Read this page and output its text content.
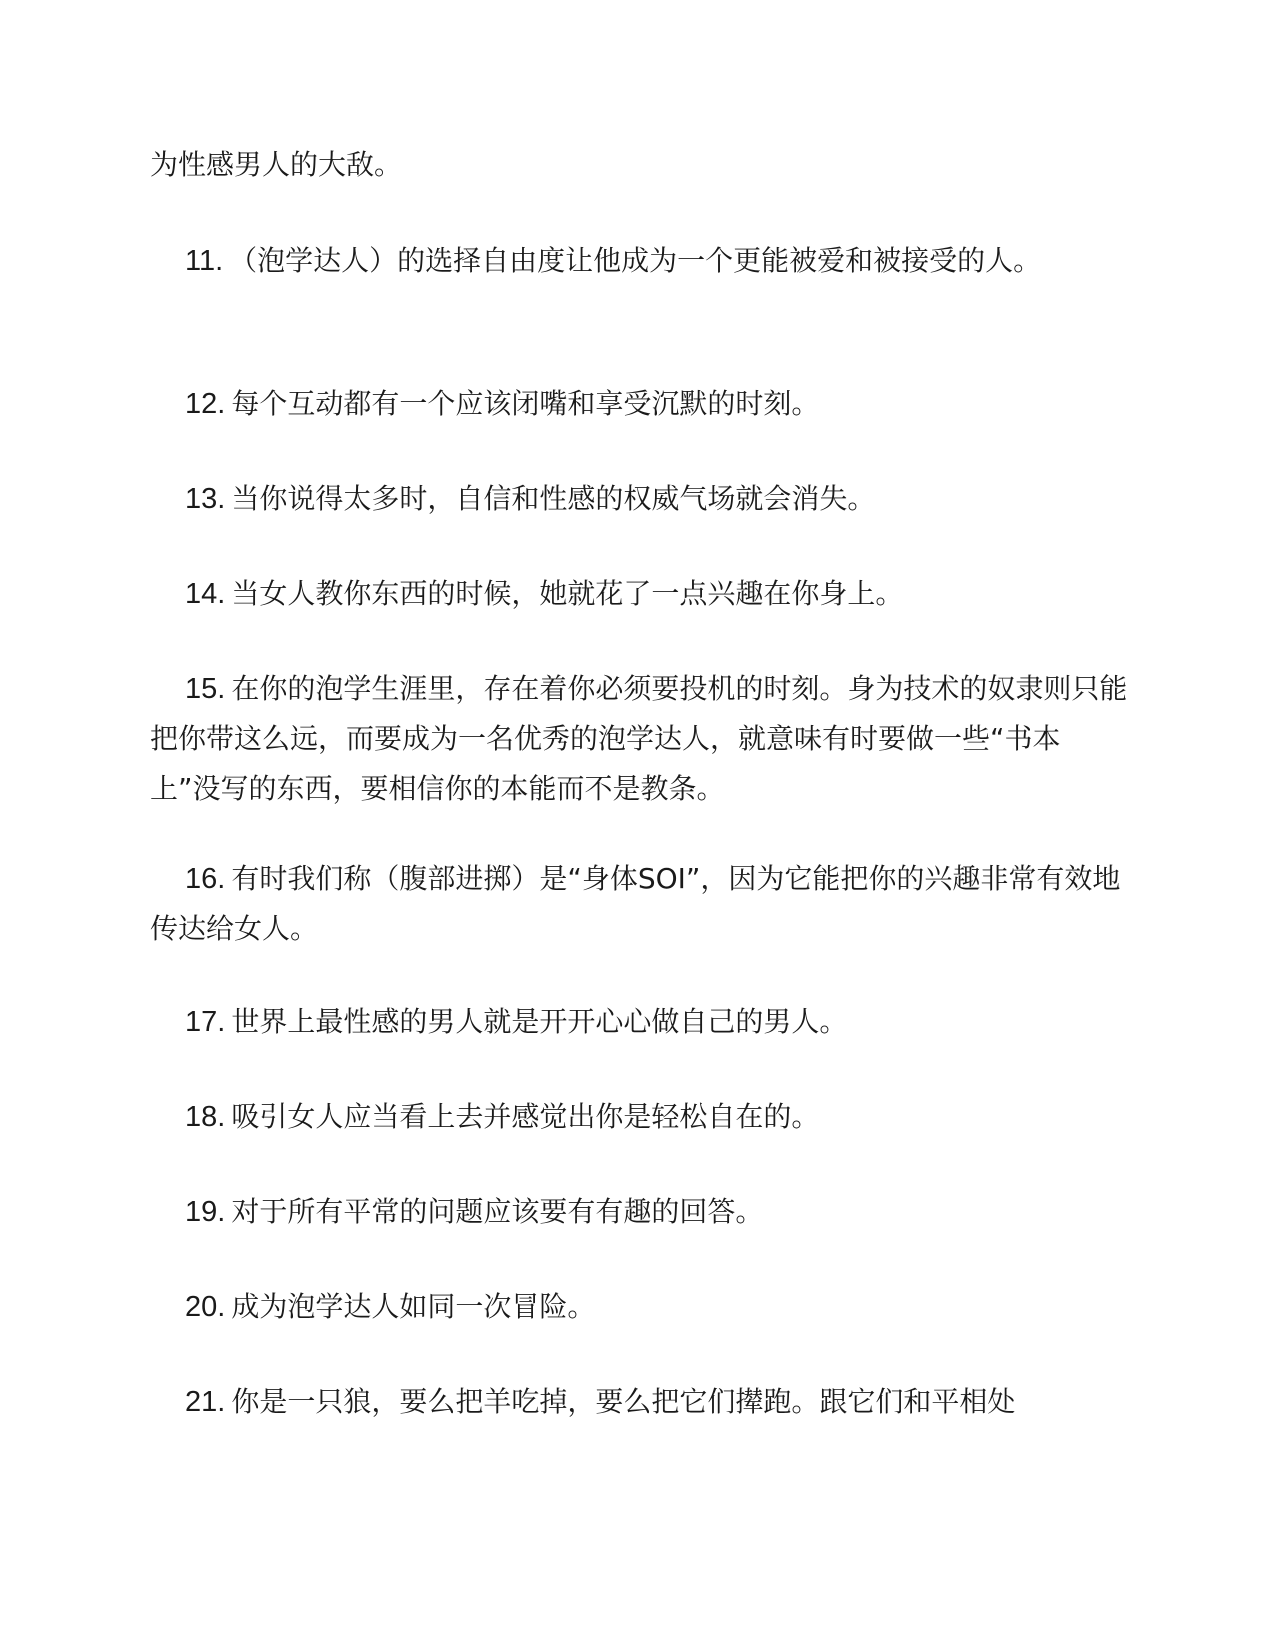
为性感男人的大敌。

11. （泡学达人）的选择自由度让他成为一个更能被爱和被接受的人。

12. 每个互动都有一个应该闭嘴和享受沉默的时刻。

13. 当你说得太多时，自信和性感的权威气场就会消失。

14. 当女人教你东西的时候，她就花了一点兴趣在你身上。

15. 在你的泡学生涯里，存在着你必须要投机的时刻。身为技术的奴隶则只能把你带这么远，而要成为一名优秀的泡学达人，就意味有时要做一些“书本上”没写的东西，要相信你的本能而不是教条。

16. 有时我们称（腹部进掷）是“身体SOI”，因为它能把你的兴趣非常有效地传达给女人。

17. 世界上最性感的男人就是开开心心做自己的男人。

18. 吸引女人应当看上去并感觉出你是轻松自在的。

19. 对于所有平常的问题应该要有有趣的回答。

20. 成为泡学达人如同一次冒险。

21. 你是一只狼，要么把羊吃掉，要么把它们撵跑。跟它们和平相处
